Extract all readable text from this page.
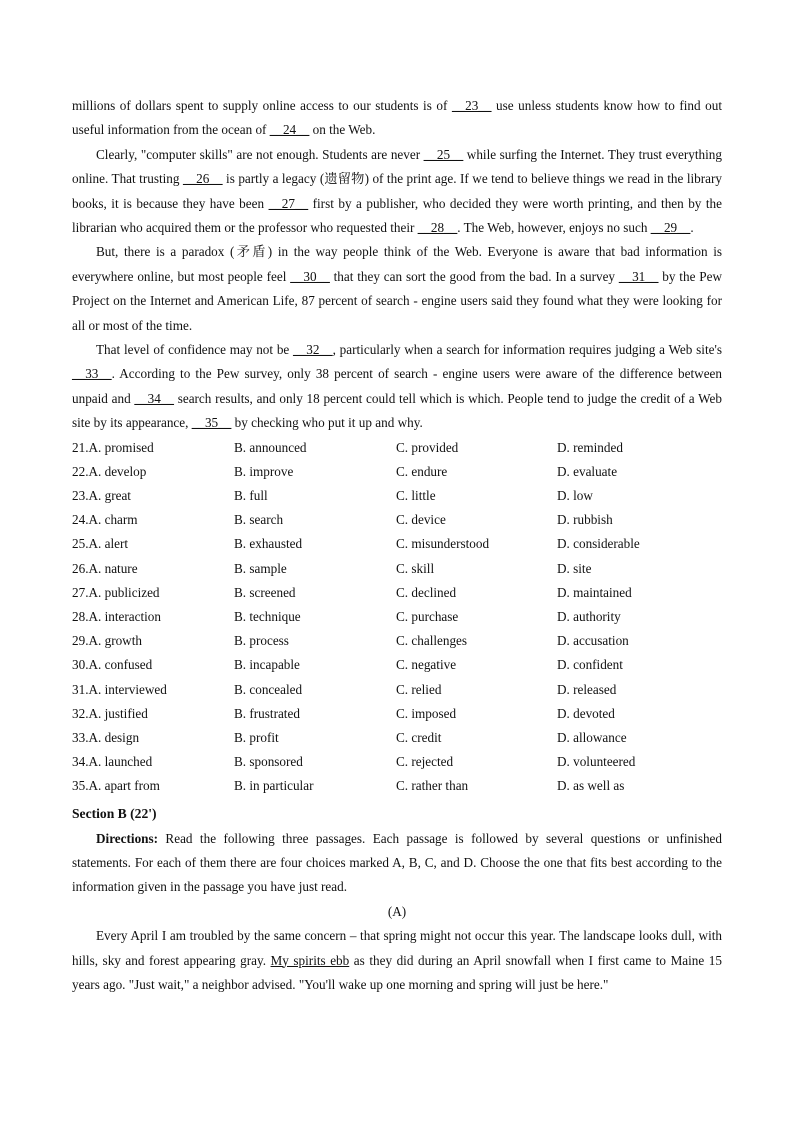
millions of dollars spent to supply online access to our students is of __23__ use unless students know how to find out useful information from the ocean of __24__ on the Web.

Clearly, "computer skills" are not enough. Students are never __25__ while surfing the Internet. They trust everything online. That trusting __26__ is partly a legacy (遗留物) of the print age. If we tend to believe things we read in the library books, it is because they have been __27__ first by a publisher, who decided they were worth printing, and then by the librarian who acquired them or the professor who requested their __28__. The Web, however, enjoys no such __29__.

But, there is a paradox (矛盾) in the way people think of the Web. Everyone is aware that bad information is everywhere online, but most people feel __30__ that they can sort the good from the bad. In a survey __31__ by the Pew Project on the Internet and American Life, 87 percent of search - engine users said they found what they were looking for all or most of the time.

That level of confidence may not be __32__, particularly when a search for information requires judging a Web site's __33__. According to the Pew survey, only 38 percent of search - engine users were aware of the difference between unpaid and __34__ search results, and only 18 percent could tell which is which. People tend to judge the credit of a Web site by its appearance, __35__ by checking who put it up and why.

21.A. promised	B. announced	C. provided	D. reminded
22.A. develop	B. improve	C. endure	D. evaluate
23.A. great	B. full	C. little	D. low
24.A. charm	B. search	C. device	D. rubbish
25.A. alert	B. exhausted	C. misunderstood	D. considerable
26.A. nature	B. sample	C. skill	D. site
27.A. publicized	B. screened	C. declined	D. maintained
28.A. interaction	B. technique	C. purchase	D. authority
29.A. growth	B. process	C. challenges	D. accusation
30.A. confused	B. incapable	C. negative	D. confident
31.A. interviewed	B. concealed	C. relied	D. released
32.A. justified	B. frustrated	C. imposed	D. devoted
33.A. design	B. profit	C. credit	D. allowance
34.A. launched	B. sponsored	C. rejected	D. volunteered
35.A. apart from	B. in particular	C. rather than	D. as well as
Section B (22')

Directions: Read the following three passages. Each passage is followed by several questions or unfinished statements. For each of them there are four choices marked A, B, C, and D. Choose the one that fits best according to the information given in the passage you have just read.

(A)

Every April I am troubled by the same concern – that spring might not occur this year. The landscape looks dull, with hills, sky and forest appearing gray. My spirits ebb as they did during an April snowfall when I first came to Maine 15 years ago. "Just wait," a neighbor advised. "You'll wake up one morning and spring will just be here."
